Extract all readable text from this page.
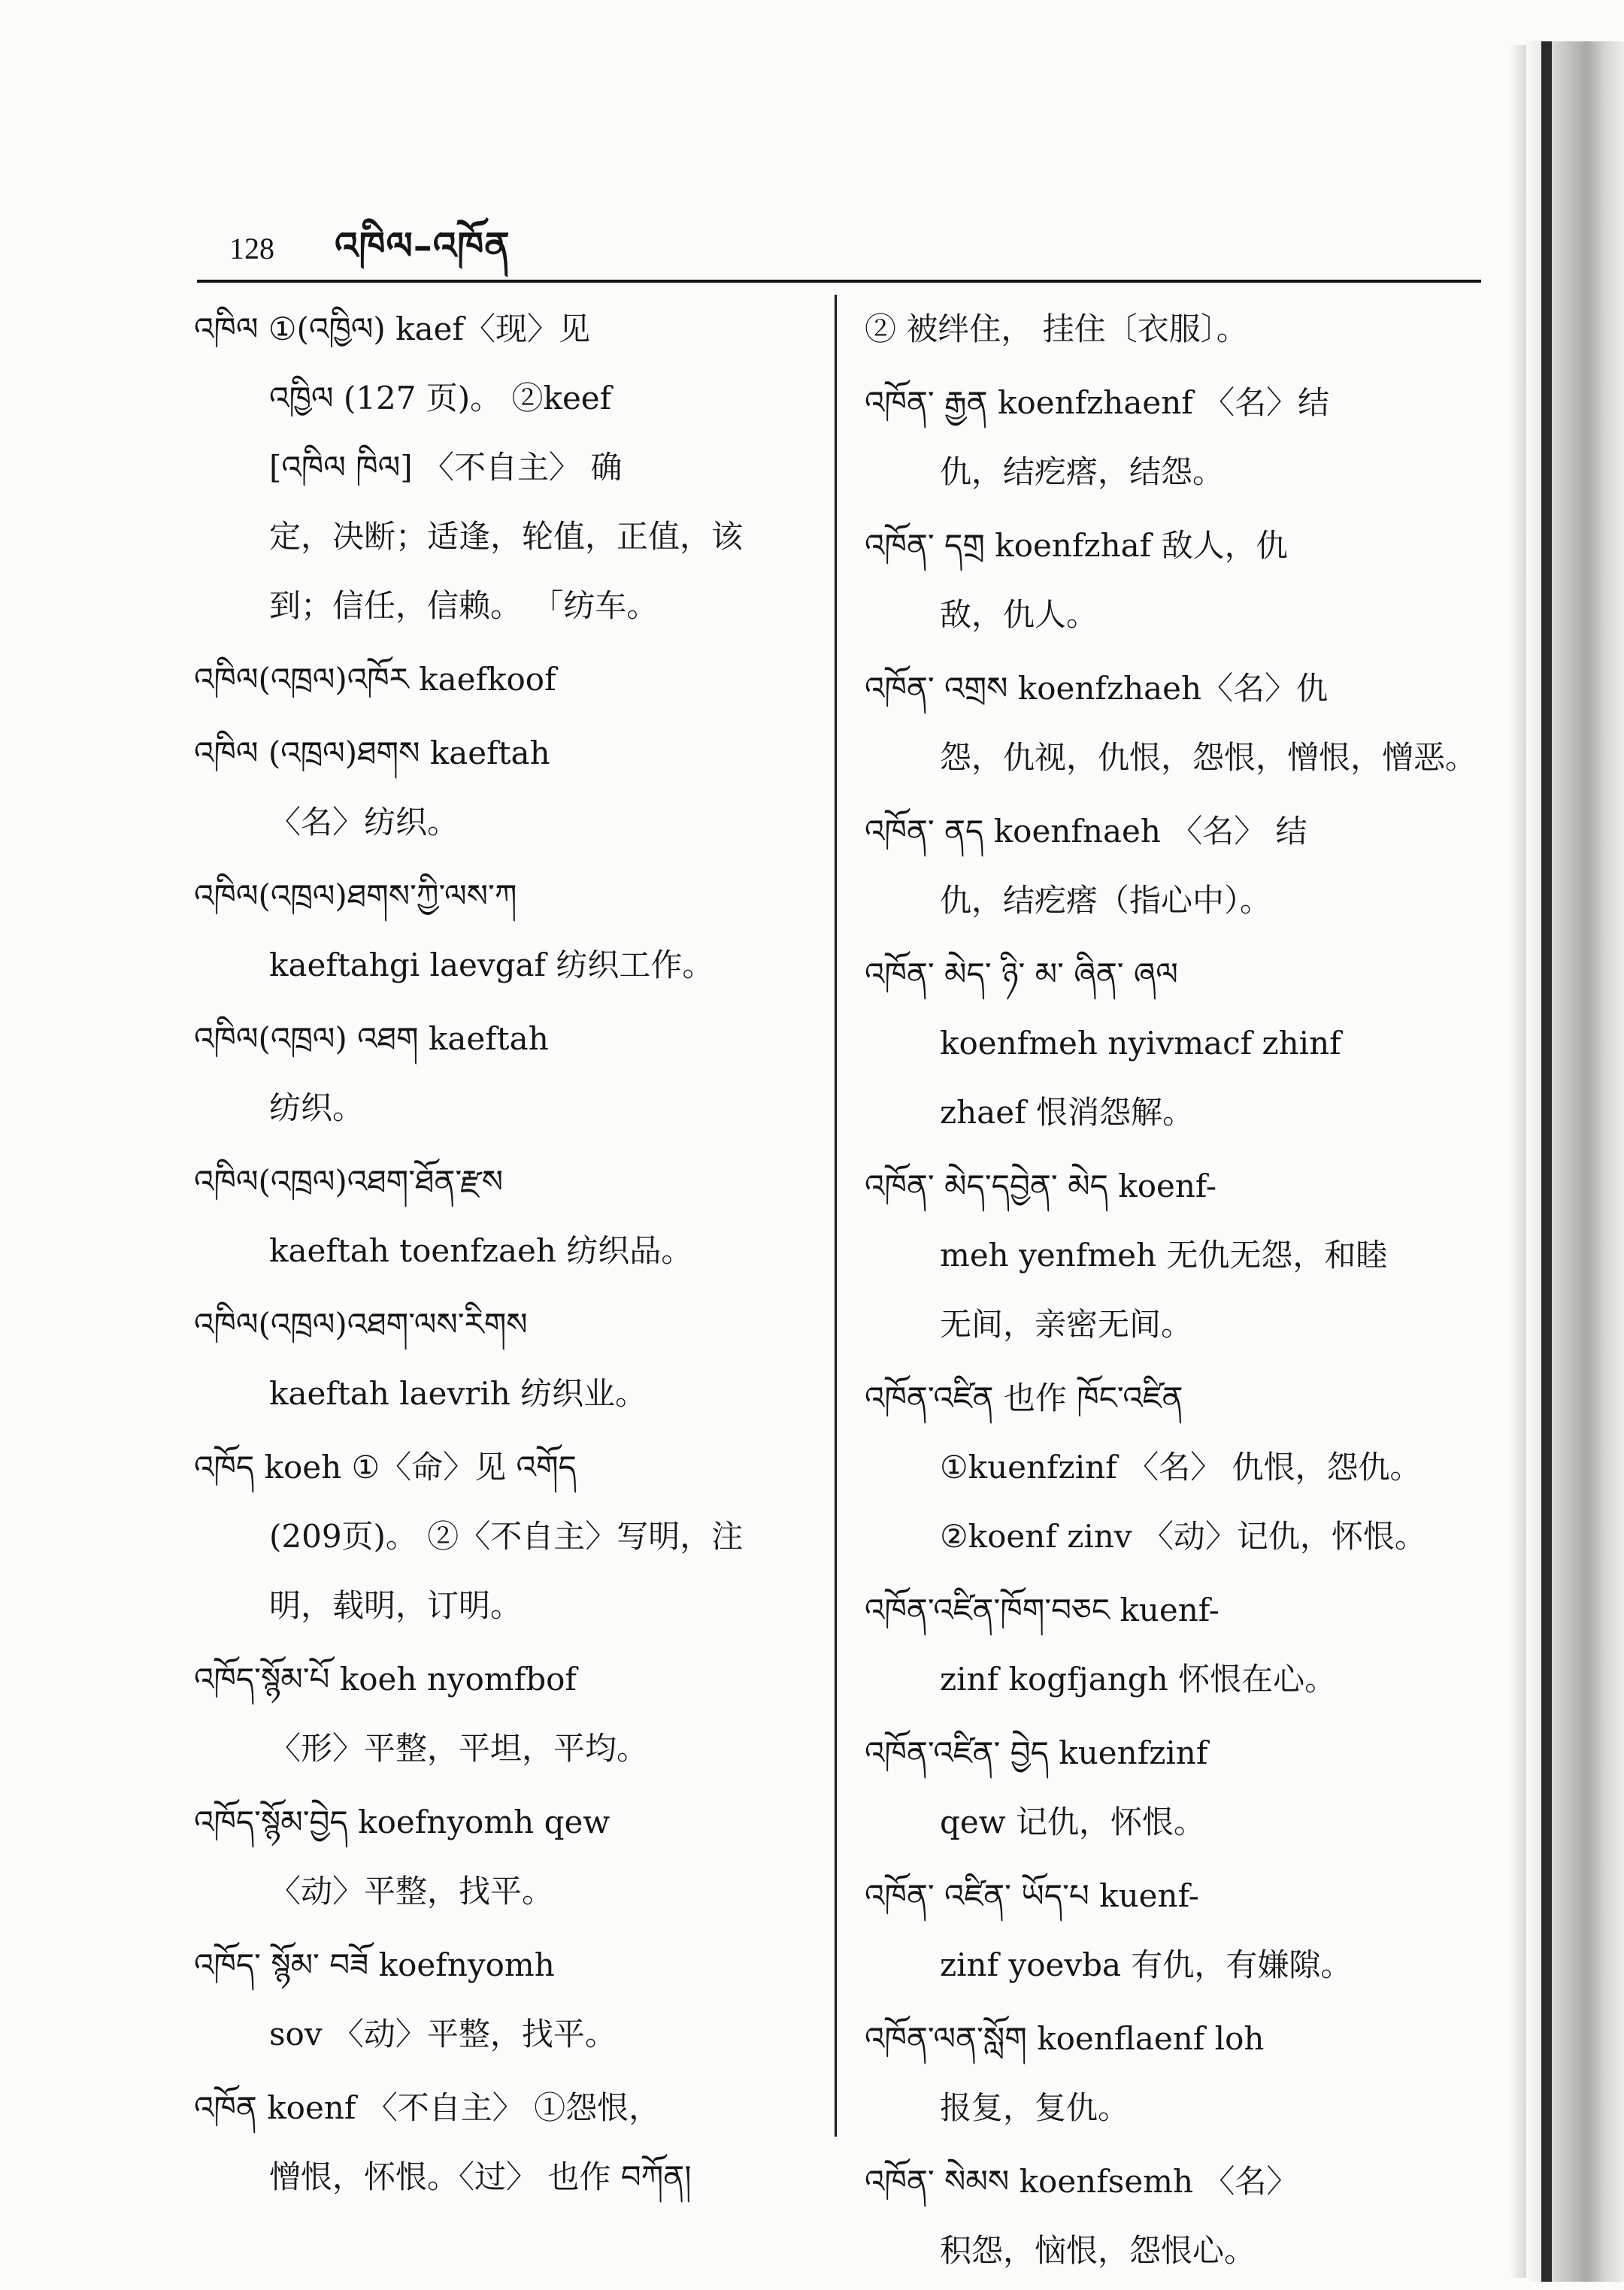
128 འཁིལ–འཁོན
འཁིལ ①(འཁྱིལ) kaef〈现〉见
འཁྱིལ (127 页)。 ②keef
[འཁིལ ཁིལ] 〈不自主〉 确
定，决断；适逢，轮值，正值，该
到；信任，信赖。 「纺车。
འཁིལ(འཁྲལ)འཁོར kaefkoof
འཁིལ (འཁྲལ)ཐགས kaeftah
〈名〉纺织。
འཁིལ(འཁྲལ)ཐགས་ཀྱི་ལས་ཀ
kaeftahgi laevgaf 纺织工作。
འཁིལ(འཁྲལ) འཐག kaeftah
纺织。
འཁིལ(འཁྲལ)འཐག་ཐོན་རྫས
kaeftah toenfzaeh 纺织品。
འཁིལ(འཁྲལ)འཐག་ལས་རིགས
kaeftah laevrih 纺织业。
འཁོད koeh ①〈命〉见 འགོད
(209页)。 ②〈不自主〉写明，注
明，载明，订明。
འཁོད་སྙོམ་པོ koeh nyomfbof
〈形〉平整，平坦，平均。
འཁོད་སྙོམ་བྱེད koefnyomh qew
〈动〉平整，找平。
འཁོད་ སྙོམ་ བཟོ koefnyomh
sov 〈动〉平整，找平。
འཁོན koenf 〈不自主〉 ①怨恨，
憎恨，怀恨。〈过〉 也作 བཀོན།
② 被绊住， 挂住〔衣服〕。
འཁོན་ རྒྱན koenfzhaenf 〈名〉结
仇，结疙瘩，结怨。
འཁོན་ དགྲ koenfzhaf 敌人，仇
敌，仇人。
འཁོན་ འགྲས koenfzhaeh〈名〉仇
怨，仇视，仇恨，怨恨，憎恨，憎恶。
འཁོན་ ནད koenfnaeh 〈名〉 结
仇，结疙瘩（指心中）。
འཁོན་ མེད་ ཉི་ མ་ ཞིན་ ཞལ
koenfmeh nyivmacf zhinf
zhaef 恨消怨解。
འཁོན་ མེད་དབྱེན་ མེད koenf-
meh yenfmeh 无仇无怨，和睦
无间，亲密无间。
འཁོན་འཛིན 也作 ཁོང་འཛིན
①kuenfzinf 〈名〉 仇恨，怨仇。
②koenf zinv 〈动〉记仇，怀恨。
འཁོན་འཛིན་ཁོག་བཅང kuenf-
zinf kogfjangh 怀恨在心。
འཁོན་འཛིན་ བྱེད kuenfzinf
qew 记仇，怀恨。
འཁོན་ འཛིན་ ཡོད་པ kuenf-
zinf yoevba 有仇，有嫌隙。
འཁོན་ལན་སློག koenflaenf loh
报复，复仇。
འཁོན་ སེམས koenfsemh 〈名〉
积怨，恼恨，怨恨心。
